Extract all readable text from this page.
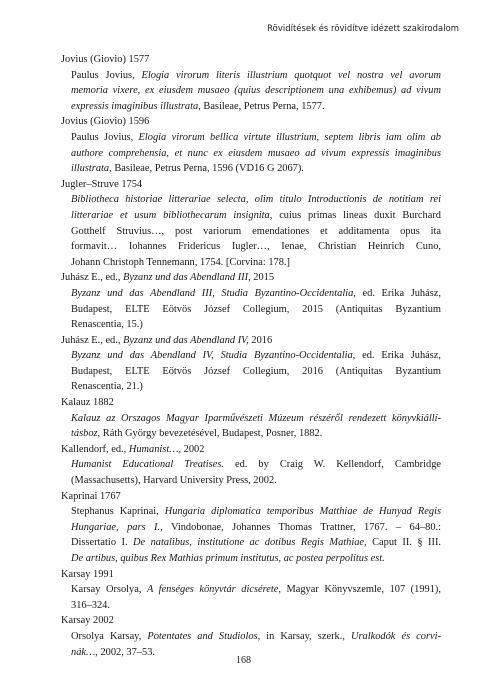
Rövidítések és rövidítve idézett szakirodalom

Jovius (Giovio) 1577

Paulus Jovius, Elogia virorum literis illustrium quotquot vel nostra vel avorum
memoria vixere, ex eiusdem musaeo (quius descriptionem una exhibemus) ad vivum
expressis imaginibus illustrata, Basileae, Petrus Perna, 1577.

Jovius (Giovio) 1596

Paulus Jovius, Elogia virorum bellica virtute illustrium, septem libris iam olim ab
authore comprehensia, et nunc ex eiusdem musaeo ad vivum expressis imaginibus
illustrata, Basileae, Petrus Perna, 1596 (VD16 G 2067).

Jugler–Struve 1754

Bibliotheca historiae litterariae selecta, olim titulo Introductionis de notitiam rei
litterariae et usum bibliothecarum insignita, cuius primas lineas duxit Burchard
Gotthelf Struvius…, post variorum emendationes et additamenta opus ita
formavit… Iohannes Fridericus Iugler…, Ienae, Christian Heinrich Cuno,
Johann Christoph Tennemann, 1754. [Corvina: 178.]

Juhász E., ed., Byzanz und das Abendland III, 2015

Byzanz und das Abendland III, Studia Byzantino-Occidentalia, ed. Erika Juhász,
Budapest, ELTE Eötvös József Collegium, 2015 (Antiquitas Byzantium
Renascentia, 15.)

Juhász E., ed., Byzanz und das Abendland IV, 2016

Byzanz und das Abendland IV, Studia Byzantino-Occidentalia, ed. Erika Juhász,
Budapest, ELTE Eötvös József Collegium, 2016 (Antiquitas Byzantium
Renascentia, 21.)

Kalauz 1882

Kalauz az Orszagos Magyar Iparművészeti Múzeum részéről rendezett könyvkiállí-
tásboz, Ráth György bevezetésével, Budapest, Posner, 1882.

Kallendorf, ed., Humanist…, 2002

Humanist Educational Treatises. ed. by Craig W. Kellendorf, Cambridge
(Massachusetts), Harvard University Press, 2002.

Kaprinai 1767

Stephanus Kaprinai, Hungaria diplomatica temporibus Matthiae de Hunyad Regis
Hungariae, pars I., Vindobonae, Johannes Thomas Trattner, 1767. – 64–80.:
Dissertatio I. De natalibus, institutione ac dotibus Regis Mathiae, Caput II. § III.
De artibus, quibus Rex Mathias primum institutus, ac postea perpolitus est.

Karsay 1991

Karsay Orsolya, A fenséges könyvtár dicsérete, Magyar Könyvszemle, 107 (1991),
316–324.

Karsay 2002

Orsolya Karsay, Potentates and Studiolos, in Karsay, szerk., Uralkodók és corvi-
nák…, 2002, 37–53.

168
